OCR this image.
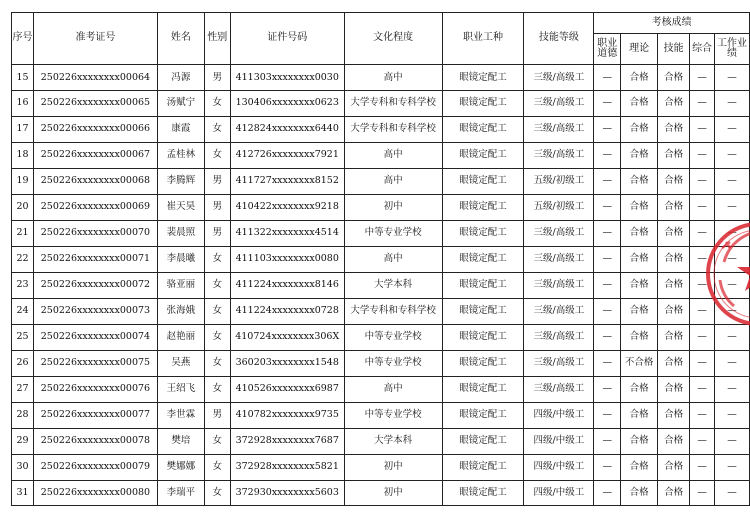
序号	准考证号	姓名	性别	证件号码	文化程度	职业工种	技能等级	考核成绩				
								职业道德	理论	技能	综合	工作业绩
15	250226xxxxxxxx00064	冯源	男	411303xxxxxxxx0030	高中	眼镜定配工	三级/高级工	—	合格	合格	—	—
16	250226xxxxxxxx00065	汤赋宁	女	130406xxxxxxxx0623	大学专科和专科学校	眼镜定配工	三级/高级工	—	合格	合格	—	—
17	250226xxxxxxxx00066	康霞	女	412824xxxxxxxx6440	大学专科和专科学校	眼镜定配工	三级/高级工	—	合格	合格	—	—
18	250226xxxxxxxx00067	孟桂林	女	412726xxxxxxxx7921	高中	眼镜定配工	三级/高级工	—	合格	合格	—	—
19	250226xxxxxxxx00068	李腾辉	男	411727xxxxxxxx8152	高中	眼镜定配工	五级/初级工	—	合格	合格	—	—
20	250226xxxxxxxx00069	崔天昊	男	410422xxxxxxxx9218	初中	眼镜定配工	五级/初级工	—	合格	合格	—	—
21	250226xxxxxxxx00070	裴晨照	男	411322xxxxxxxx4514	中等专业学校	眼镜定配工	三级/高级工	—	合格	合格	—	—
22	250226xxxxxxxx00071	李晨曦	女	411103xxxxxxxx0080	高中	眼镜定配工	三级/高级工	—	合格	合格	—	—
23	250226xxxxxxxx00072	骆亚丽	女	411224xxxxxxxx8146	大学本科	眼镜定配工	三级/高级工	—	合格	合格	—	—
24	250226xxxxxxxx00073	张海娥	女	411224xxxxxxxx0728	大学专科和专科学校	眼镜定配工	三级/高级工	—	合格	合格	—	—
25	250226xxxxxxxx00074	赵艳丽	女	410724xxxxxxxx306X	中等专业学校	眼镜定配工	三级/高级工	—	合格	合格	—	—
26	250226xxxxxxxx00075	吴燕	女	360203xxxxxxxx1548	中等专业学校	眼镜定配工	三级/高级工	—	不合格	合格	—	—
27	250226xxxxxxxx00076	王绍飞	女	410526xxxxxxxx6987	高中	眼镜定配工	三级/高级工	—	合格	合格	—	—
28	250226xxxxxxxx00077	李世霖	男	410782xxxxxxxx9735	中等专业学校	眼镜定配工	四级/中级工	—	合格	合格	—	—
29	250226xxxxxxxx00078	樊培	女	372928xxxxxxxx7687	大学本科	眼镜定配工	四级/中级工	—	合格	合格	—	—
30	250226xxxxxxxx00079	樊娜娜	女	372928xxxxxxxx5821	初中	眼镜定配工	四级/中级工	—	合格	合格	—	—
31	250226xxxxxxxx00080	李瑞平	女	372930xxxxxxxx5603	初中	眼镜定配工	四级/中级工	—	合格	合格	—	—
